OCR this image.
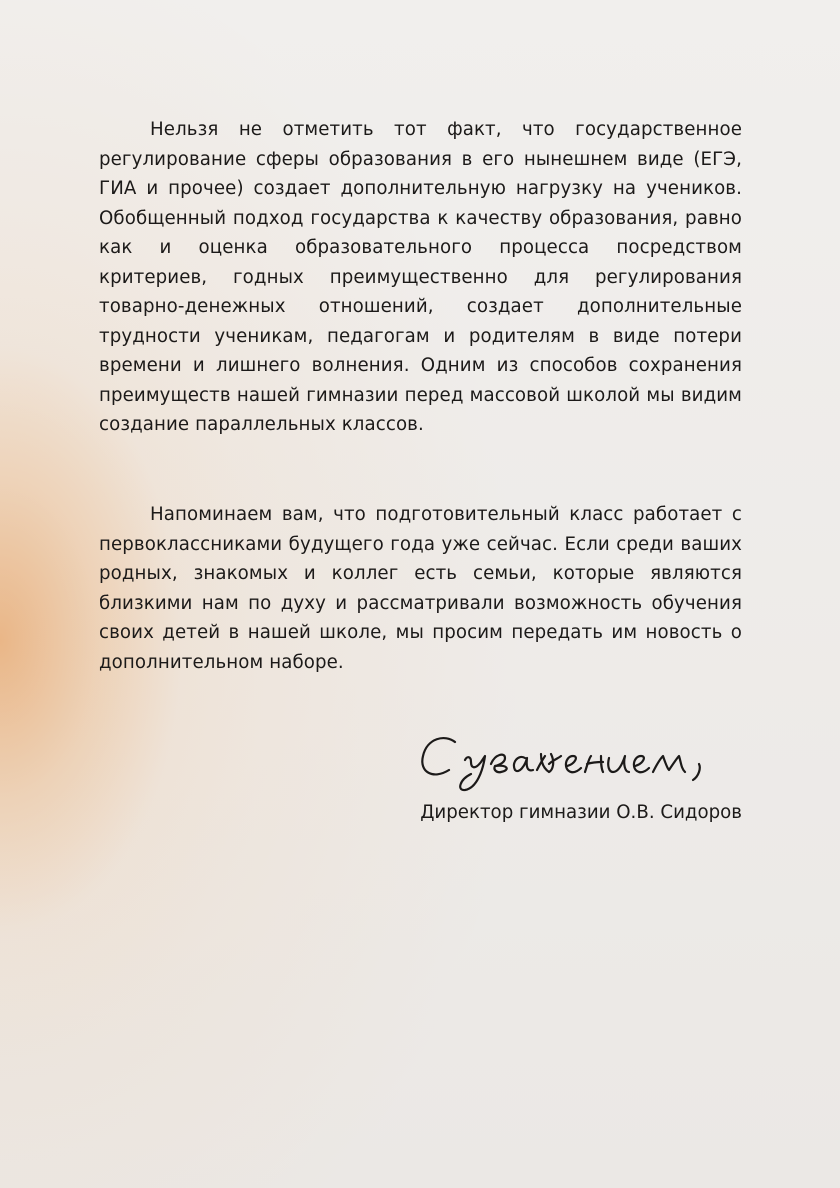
Нельзя не отметить тот факт, что государственное регулирование сферы образования в его нынешнем виде (ЕГЭ, ГИА и прочее) создает дополнительную нагрузку на учеников. Обобщенный подход государства к качеству образования, равно как и оценка образовательного процесса посредством критериев, годных преимущественно для регулирования товарно-денежных отношений, создает дополнительные трудности ученикам, педагогам и родителям в виде потери времени и лишнего волнения. Одним из способов сохранения преимуществ нашей гимназии перед массовой школой мы видим создание параллельных классов.

Напоминаем вам, что подготовительный класс работает с первоклассниками будущего года уже сейчас. Если среди ваших родных, знакомых и коллег есть семьи, которые являются близкими нам по духу и рассматривали возможность обучения своих детей в нашей школе, мы просим передать им новость о дополнительном наборе.

Директор гимназии О.В. Сидоров
